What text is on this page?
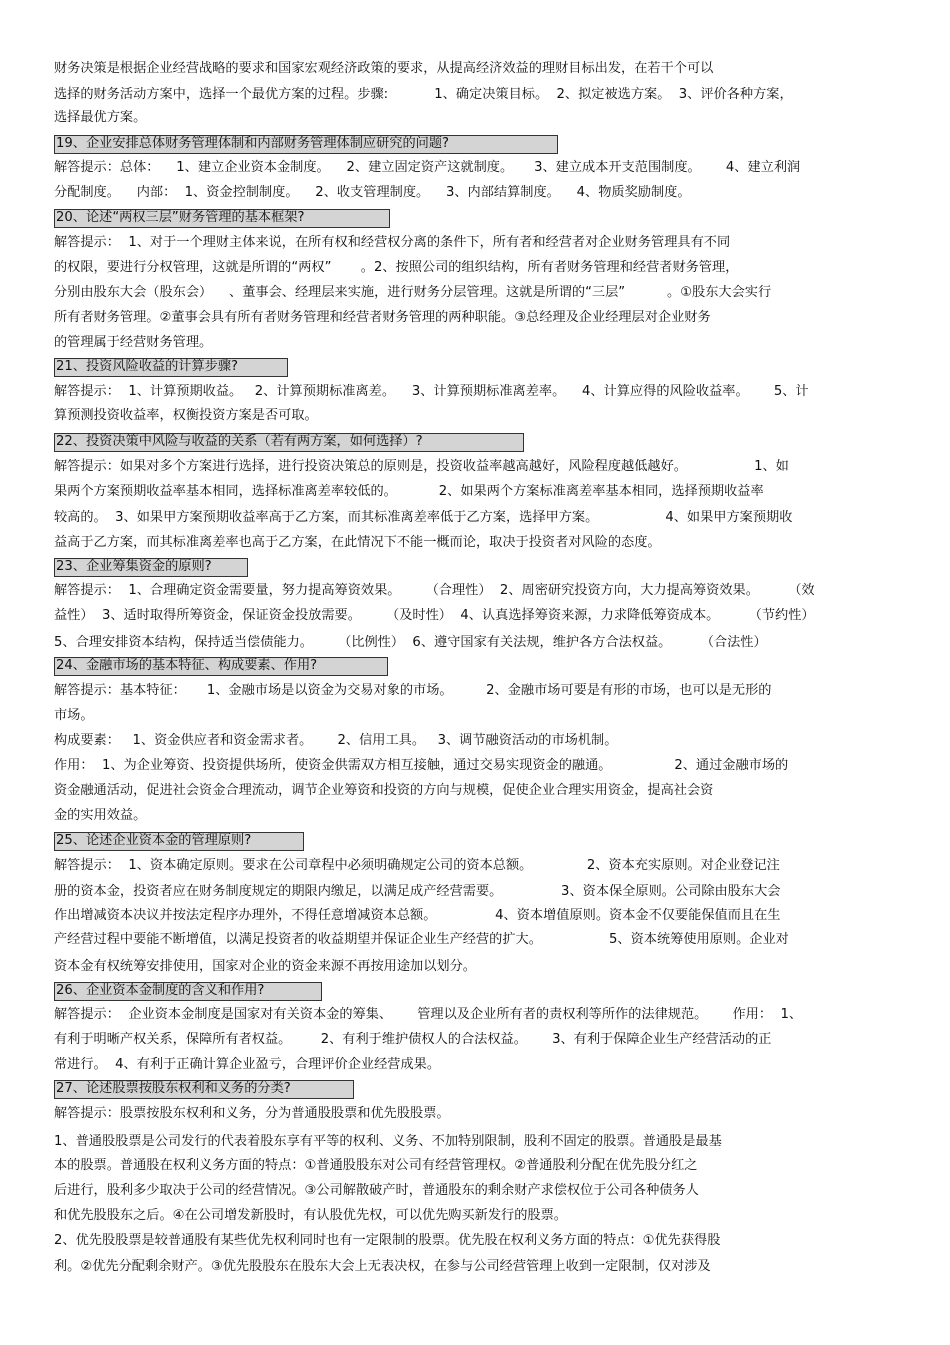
财务决策是根据企业经营战略的要求和国家宏观经济政策的要求，从提高经济效益的理财目标出发，在若干个可以
选择的财务活动方案中，选择一个最优方案的过程。步骤:           1、确定决策目标。  2、拟定被选方案。  3、评价各种方案，
选择最优方案。
19、企业安排总体财务管理体制和内部财务管理体制应研究的问题?
解答提示：总体：    1、建立企业资本金制度。    2、建立固定资产这就制度。     3、建立成本开支范围制度。      4、建立利润
分配制度。    内部：  1、资金控制制度。    2、收支管理制度。    3、内部结算制度。    4、物质奖励制度。
20、论述“两权三层”财务管理的基本框架?
解答提示：  1、对于一个理财主体来说，在所有权和经营权分离的条件下，所有者和经营者对企业财务管理具有不同
的权限，要进行分权管理，这就是所谓的“两权”       。2、按照公司的组织结构，所有者财务管理和经营者财务管理，
分别由股东大会（股东会）    、董事会、经理层来实施，进行财务分层管理。这就是所谓的“三层”          。①股东大会实行
所有者财务管理。②董事会具有所有者财务管理和经营者财务管理的两种职能。③总经理及企业经理层对企业财务
的管理属于经营财务管理。
21、投资风险收益的计算步骤?
解答提示：  1、计算预期收益。   2、计算预期标准离差。    3、计算预期标准离差率。    4、计算应得的风险收益率。      5、计
算预测投资收益率，权衡投资方案是否可取。
22、投资决策中风险与收益的关系（若有两方案，如何选择）?
解答提示：如果对多个方案进行选择，进行投资决策总的原则是，投资收益率越高越好，风险程度越低越好。                1、如
果两个方案预期收益率基本相同，选择标准离差率较低的。          2、如果两个方案标准离差率基本相同，选择预期收益率
较高的。  3、如果甲方案预期收益率高于乙方案，而其标准离差率低于乙方案，选择甲方案。                4、如果甲方案预期收
益高于乙方案，而其标准离差率也高于乙方案，在此情况下不能一概而论，取决于投资者对风险的态度。
23、企业筹集资金的原则?
解答提示：  1、合理确定资金需要量，努力提高筹资效果。      （合理性）  2、周密研究投资方向，大力提高筹资效果。       （效
益性）  3、适时取得所筹资金，保证资金投放需要。      （及时性）  4、认真选择筹资来源，力求降低筹资成本。       （节约性）
5、合理安排资本结构，保持适当偿债能力。      （比例性）  6、遵守国家有关法规，维护各方合法权益。       （合法性）
24、金融市场的基本特征、构成要素、作用?
解答提示：基本特征：     1、金融市场是以资金为交易对象的市场。        2、金融市场可要是有形的市场，也可以是无形的
市场。
构成要素：   1、资金供应者和资金需求者。      2、信用工具。   3、调节融资活动的市场机制。
作用：  1、为企业筹资、投资提供场所，使资金供需双方相互接触，通过交易实现资金的融通。               2、通过金融市场的
资金融通活动，促进社会资金合理流动，调节企业筹资和投资的方向与规模，促使企业合理实用资金，提高社会资
金的实用效益。
25、论述企业资本金的管理原则?
解答提示：  1、资本确定原则。要求在公司章程中必须明确规定公司的资本总额。             2、资本充实原则。对企业登记注
册的资本金，投资者应在财务制度规定的期限内缴足，以满足成产经营需要。              3、资本保全原则。公司除由股东大会
作出增减资本决议并按法定程序办理外，不得任意增减资本总额。              4、资本增值原则。资本金不仅要能保值而且在生
产经营过程中要能不断增值，以满足投资者的收益期望并保证企业生产经营的扩大。                5、资本统筹使用原则。企业对
资本金有权统筹安排使用，国家对企业的资金来源不再按用途加以划分。
26、企业资本金制度的含义和作用?
解答提示：  企业资本金制度是国家对有关资本金的筹集、      管理以及企业所有者的责权利等所作的法律规范。      作用：  1、
有利于明晰产权关系，保障所有者权益。       2、有利于维护债权人的合法权益。      3、有利于保障企业生产经营活动的正
常进行。  4、有利于正确计算企业盈亏，合理评价企业经营成果。
27、论述股票按股东权利和义务的分类?
解答提示：股票按股东权利和义务，分为普通股股票和优先股股票。
1、普通股股票是公司发行的代表着股东享有平等的权利、义务、不加特别限制，股利不固定的股票。普通股是最基
本的股票。普通股在权利义务方面的特点：①普通股股东对公司有经营管理权。②普通股利分配在优先股分红之
后进行，股利多少取决于公司的经营情况。③公司解散破产时，普通股东的剩余财产求偿权位于公司各种债务人
和优先股股东之后。④在公司增发新股时，有认股优先权，可以优先购买新发行的股票。
2、优先股股票是较普通股有某些优先权利同时也有一定限制的股票。优先股在权利义务方面的特点：①优先获得股
利。②优先分配剩余财产。③优先股股东在股东大会上无表决权，在参与公司经营管理上收到一定限制，仅对涉及
